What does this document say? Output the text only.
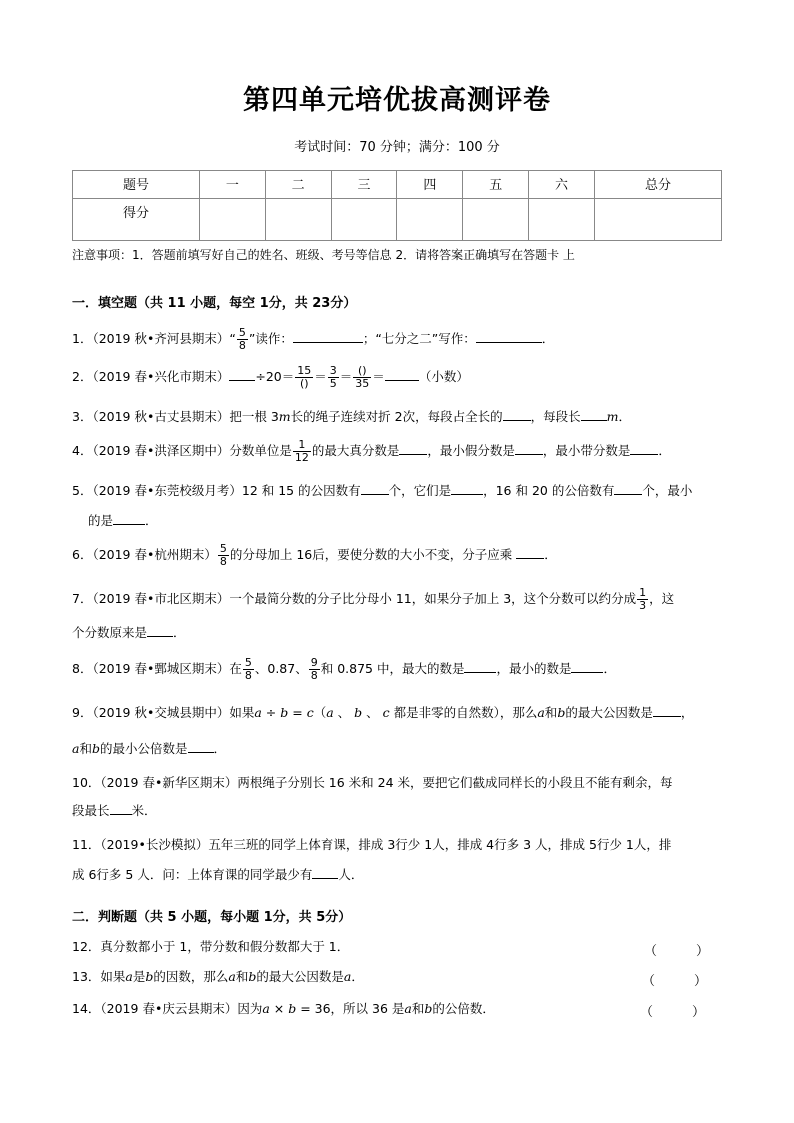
第四单元培优拔高测评卷
考试时间：70 分钟；满分：100 分
题号	一	二	三	四	五	六	总分
得分							
注意事项：1．答题前填写好自己的姓名、班级、考号等信息 2．请将答案正确填写在答题卡 上
一．填空题（共 11 小题，每空 1分，共 23分）
1．（2019 秋•齐河县期末）“ $\frac{5}{8}$ ”读作：	；“七分之二”写作：	．
2．（2019 春•兴化市期末） $\div 20= \frac{15}{()} = \frac{3}{5} = \frac{()}{35}$ ＝	（小数）
3．（2019 秋•古丈县期末）把一根 3m长的绳子连续对折 2次，每段占全长的 ，每段长 m．
4．（2019 春•洪泽区期中）分数单位是 $\frac{1}{12}$ 的最大真分数是 ，最小假分数是 ，最小带分数是 ．
5．（2019 春•东莞校级月考）12 和 15 的公因数有 个，它们是	，16 和 20 的公倍数有 个，最小
的是	．
6．（2019 春•杭州期末） $\frac{5}{8}$ 的分母加上 16后，要使分数的大小不变，分子应乘 ．
7．（2019 春•市北区期末）一个最简分数的分子比分母小 11，如果分子加上 3，这个分数可以约分成 $\frac{1}{3}$ ，这
个分数原来是 ．
8．（2019 春•鄄城区期末）在 $\frac{5}{8}$ 、0.87、 $\frac{9}{8}$ 和 0.875 中，最大的数是	，最小的数是	．
9．（2019 秋•交城县期中）如果a ÷ b = c（a 、 b 、 c 都是非零的自然数），那么a和b的最大公因数是 ，
a和b的最小公倍数是 ．
10．（2019 春•新华区期末）两根绳子分别长 16 米和 24 米，要把它们截成同样长的小段且不能有剩余，每
段最长 米．
11．（2019•长沙模拟）五年三班的同学上体育课，排成 3行少 1人，排成 4行多 3 人，排成 5行少 1人，排
成 6行多 5 人．问：上体育课的同学最少有 人．
二．判断题（共 5 小题，每小题 1分，共 5分）
12．真分数都小于 1，带分数和假分数都大于 1．	（　　　）
13．如果a是b的因数，那么a和b的最大公因数是a．	（　　　）
14．（2019 春•庆云县期末）因为a × b = 36，所以 36 是a和b的公倍数．	（　　　）
